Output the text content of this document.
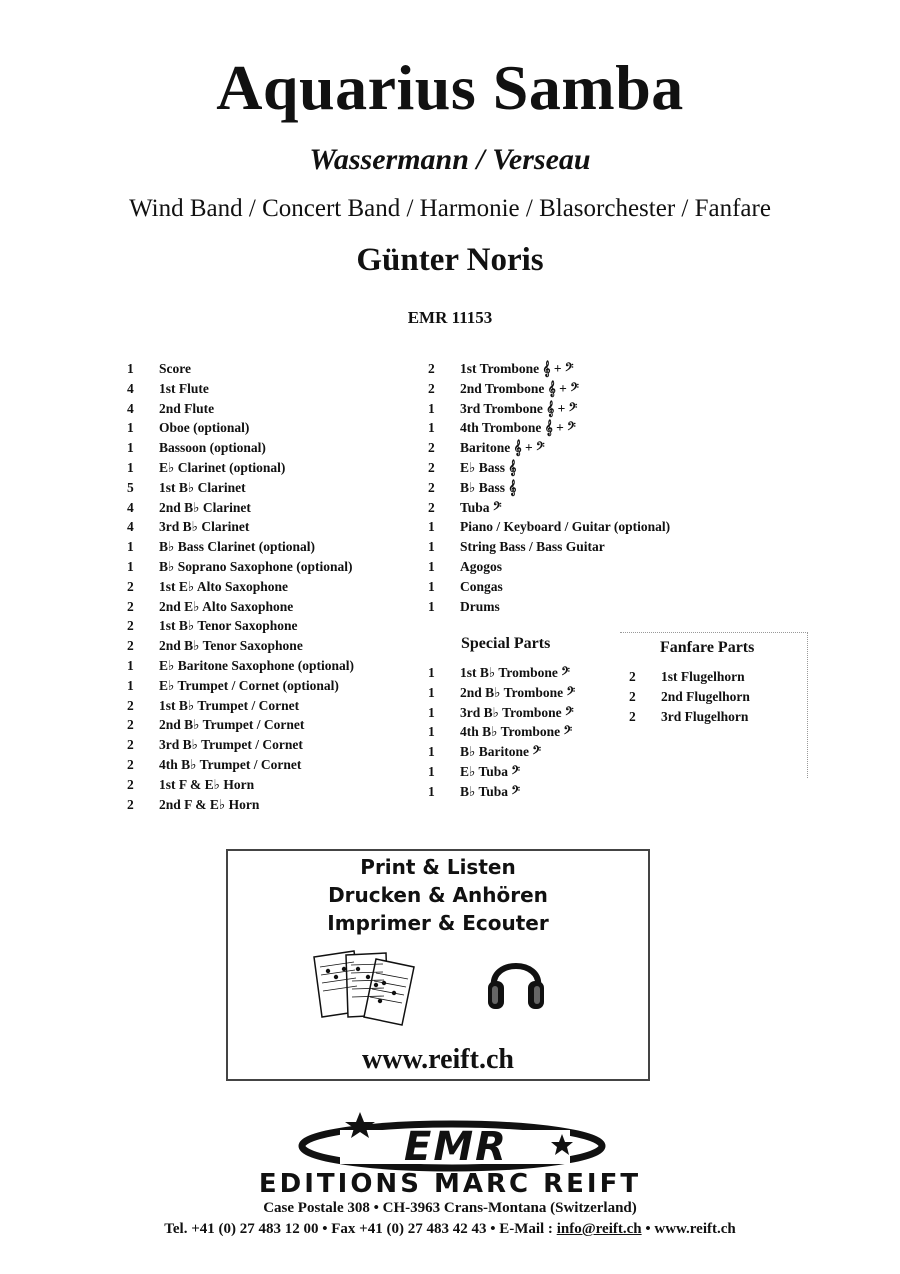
Aquarius Samba
Wassermann / Verseau
Wind Band / Concert Band / Harmonie / Blasorchester / Fanfare
Günter Noris
EMR 11153
1	Score
4	1st Flute
4	2nd Flute
1	Oboe (optional)
1	Bassoon (optional)
1	E♭ Clarinet (optional)
5	1st B♭ Clarinet
4	2nd B♭ Clarinet
4	3rd B♭ Clarinet
1	B♭ Bass Clarinet (optional)
1	B♭ Soprano Saxophone (optional)
2	1st E♭ Alto Saxophone
2	2nd E♭ Alto Saxophone
2	1st B♭ Tenor Saxophone
2	2nd B♭ Tenor Saxophone
1	E♭ Baritone Saxophone (optional)
1	E♭ Trumpet / Cornet (optional)
2	1st B♭ Trumpet / Cornet
2	2nd B♭ Trumpet / Cornet
2	3rd B♭ Trumpet / Cornet
2	4th B♭ Trumpet / Cornet
2	1st F & E♭ Horn
2	2nd F & E♭ Horn
2	1st Trombone 𝄞 + 𝄢
2	2nd Trombone 𝄞 + 𝄢
1	3rd Trombone 𝄞 + 𝄢
1	4th Trombone 𝄞 + 𝄢
2	Baritone 𝄞 + 𝄢
2	E♭ Bass 𝄞
2	B♭ Bass 𝄞
2	Tuba 𝄢
1	Piano / Keyboard / Guitar (optional)
1	String Bass / Bass Guitar
1	Agogos
1	Congas
1	Drums
Special Parts
1	1st B♭ Trombone 𝄢
1	2nd B♭ Trombone 𝄢
1	3rd B♭ Trombone 𝄢
1	4th B♭ Trombone 𝄢
1	B♭ Baritone 𝄢
1	E♭ Tuba 𝄢
1	B♭ Tuba 𝄢
Fanfare Parts
2	1st Flugelhorn
2	2nd Flugelhorn
2	3rd Flugelhorn
Print & Listen
Drucken & Anhören
Imprimer & Ecouter
www.reift.ch
EMR
EDITIONS MARC REIFT
Case Postale 308 • CH-3963 Crans-Montana (Switzerland)
Tel. +41 (0) 27 483 12 00 • Fax +41 (0) 27 483 42 43 • E-Mail : info@reift.ch • www.reift.ch
